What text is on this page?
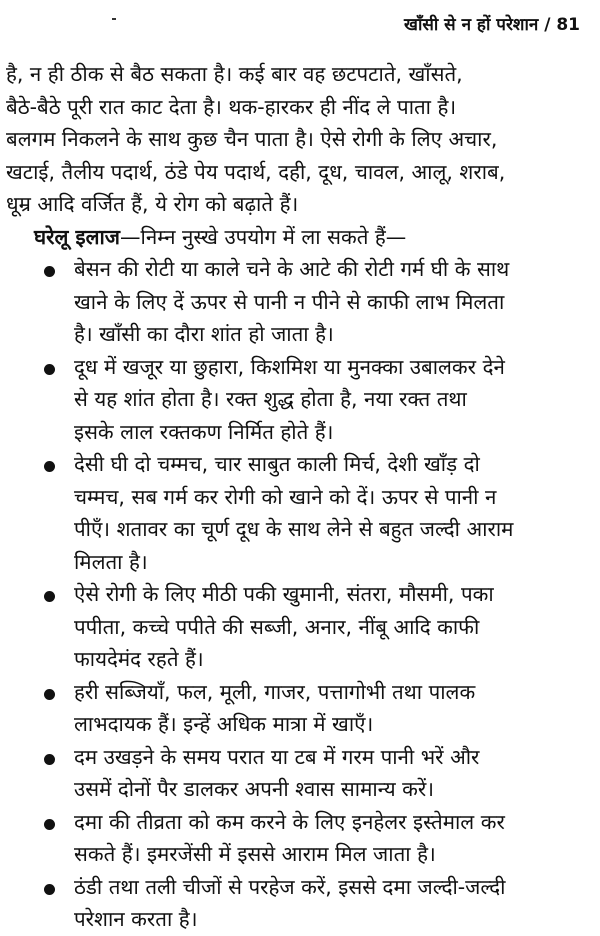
खाँसी से न हों परेशान / 81
है, न ही ठीक से बैठ सकता है। कई बार वह छटपटाते, खाँसते,
बैठे-बैठे पूरी रात काट देता है। थक-हारकर ही नींद ले पाता है।
बलगम निकलने के साथ कुछ चैन पाता है। ऐसे रोगी के लिए अचार,
खटाई, तैलीय पदार्थ, ठंडे पेय पदार्थ, दही, दूध, चावल, आलू, शराब,
धूम्र आदि वर्जित हैं, ये रोग को बढ़ाते हैं।
घरेलू इलाज—निम्न नुस्खे उपयोग में ला सकते हैं—
बेसन की रोटी या काले चने के आटे की रोटी गर्म घी के साथ
खाने के लिए दें ऊपर से पानी न पीने से काफी लाभ मिलता
है। खाँसी का दौरा शांत हो जाता है।
दूध में खजूर या छुहारा, किशमिश या मुनक्का उबालकर देने
से यह शांत होता है। रक्त शुद्ध होता है, नया रक्त तथा
इसके लाल रक्तकण निर्मित होते हैं।
देसी घी दो चम्मच, चार साबुत काली मिर्च, देशी खाँड़ दो
चम्मच, सब गर्म कर रोगी को खाने को दें। ऊपर से पानी न
पीएँ। शतावर का चूर्ण दूध के साथ लेने से बहुत जल्दी आराम
मिलता है।
ऐसे रोगी के लिए मीठी पकी खुमानी, संतरा, मौसमी, पका
पपीता, कच्चे पपीते की सब्जी, अनार, नींबू आदि काफी
फायदेमंद रहते हैं।
हरी सब्जियाँ, फल, मूली, गाजर, पत्तागोभी तथा पालक
लाभदायक हैं। इन्हें अधिक मात्रा में खाएँ।
दम उखड़ने के समय परात या टब में गरम पानी भरें और
उसमें दोनों पैर डालकर अपनी श्वास सामान्य करें।
दमा की तीव्रता को कम करने के लिए इनहेलर इस्तेमाल कर
सकते हैं। इमरजेंसी में इससे आराम मिल जाता है।
ठंडी तथा तली चीजों से परहेज करें, इससे दमा जल्दी-जल्दी
परेशान करता है।
